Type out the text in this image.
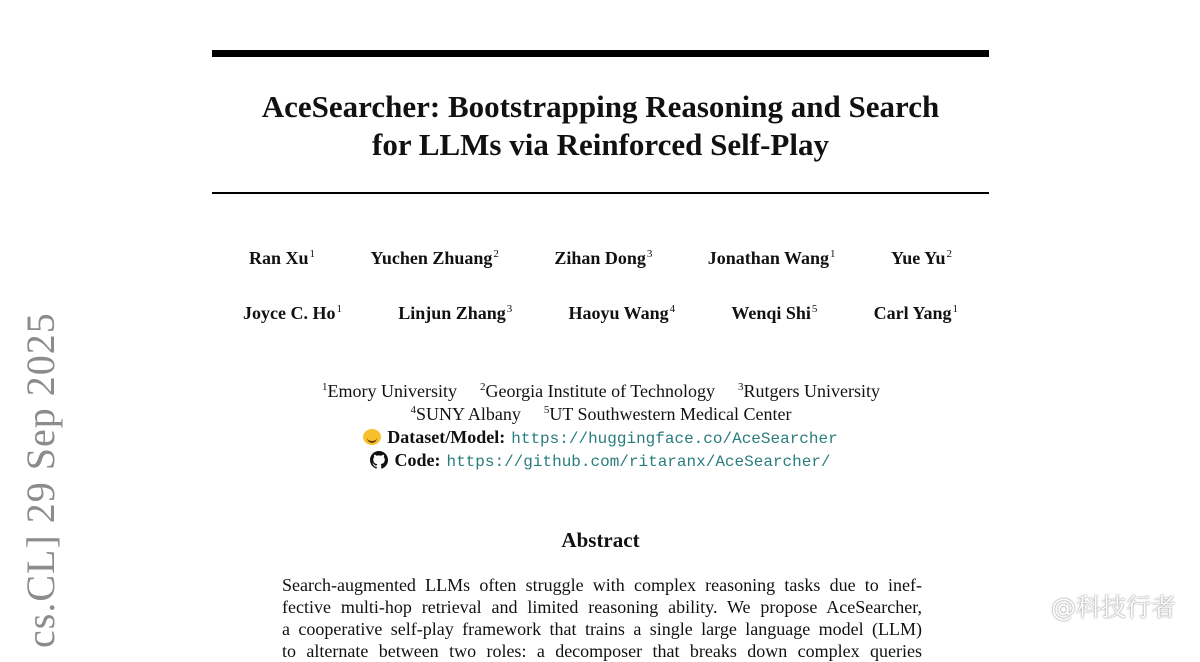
AceSearcher: Bootstrapping Reasoning and Search
for LLMs via Reinforced Self-Play
Ran Xu$^1$	Yuchen Zhuang$^2$	Zihan Dong$^3$	Jonathan Wang$^1$	Yue Yu$^2$
Joyce C. Ho$^1$	Linjun Zhang$^3$	Haoyu Wang$^4$	Wenqi Shi$^5$	Carl Yang$^1$
$^1$Emory University $^2$Georgia Institute of Technology $^3$Rutgers University
$^4$SUNY Albany $^5$UT Southwestern Medical Center
Dataset/Model: https://huggingface.co/AceSearcher
Code: https://github.com/ritaranx/AceSearcher/
Abstract
Search-augmented LLMs often struggle with complex reasoning tasks due to inef-
fective multi-hop retrieval and limited reasoning ability. We propose AceSearcher,
a cooperative self-play framework that trains a single large language model (LLM)
to alternate between two roles: a decomposer that breaks down complex queries
cs.CL] 29 Sep 2025	@科技行者
